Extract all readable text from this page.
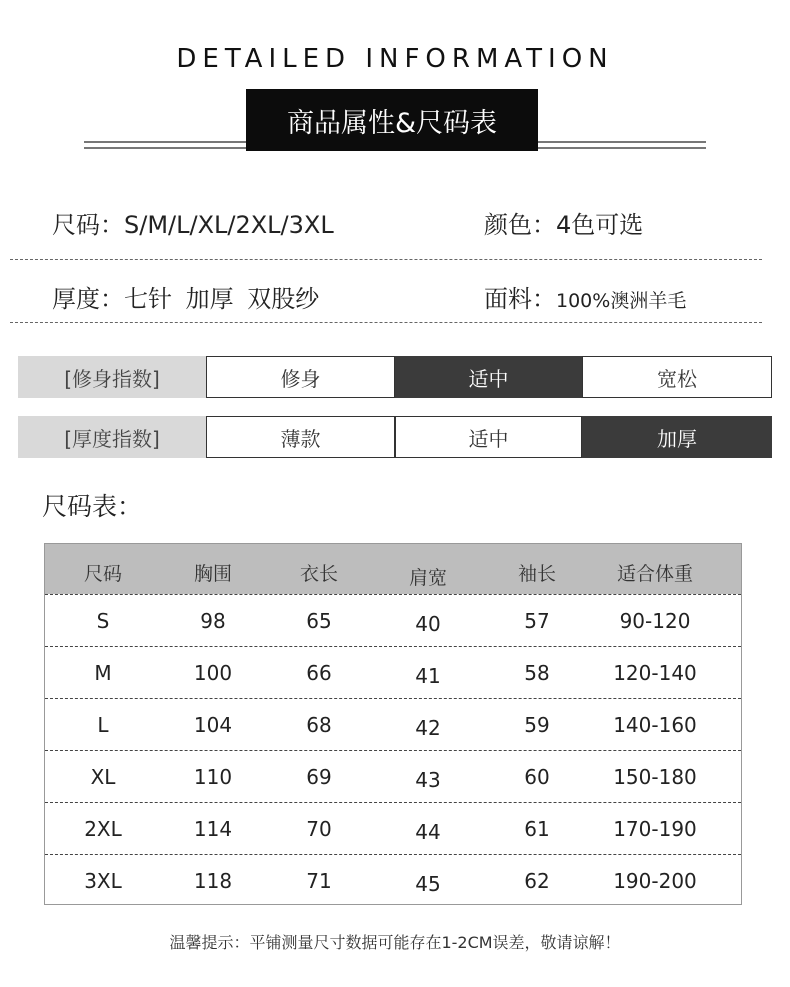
DETAILED INFORMATION
商品属性&尺码表
尺码：S/M/L/XL/2XL/3XL	颜色：4色可选
厚度：七针 加厚 双股纱	面料：100%澳洲羊毛
[修身指数]	修身	适中	宽松
[厚度指数]	薄款	适中	加厚
尺码表：
尺码	胸围	衣长	肩宽	袖长	适合体重
S	98	65	40	57	90-120
M	100	66	41	58	120-140
L	104	68	42	59	140-160
XL	110	69	43	60	150-180
2XL	114	70	44	61	170-190
3XL	118	71	45	62	190-200
温馨提示：平铺测量尺寸数据可能存在1-2CM误差，敬请谅解！
